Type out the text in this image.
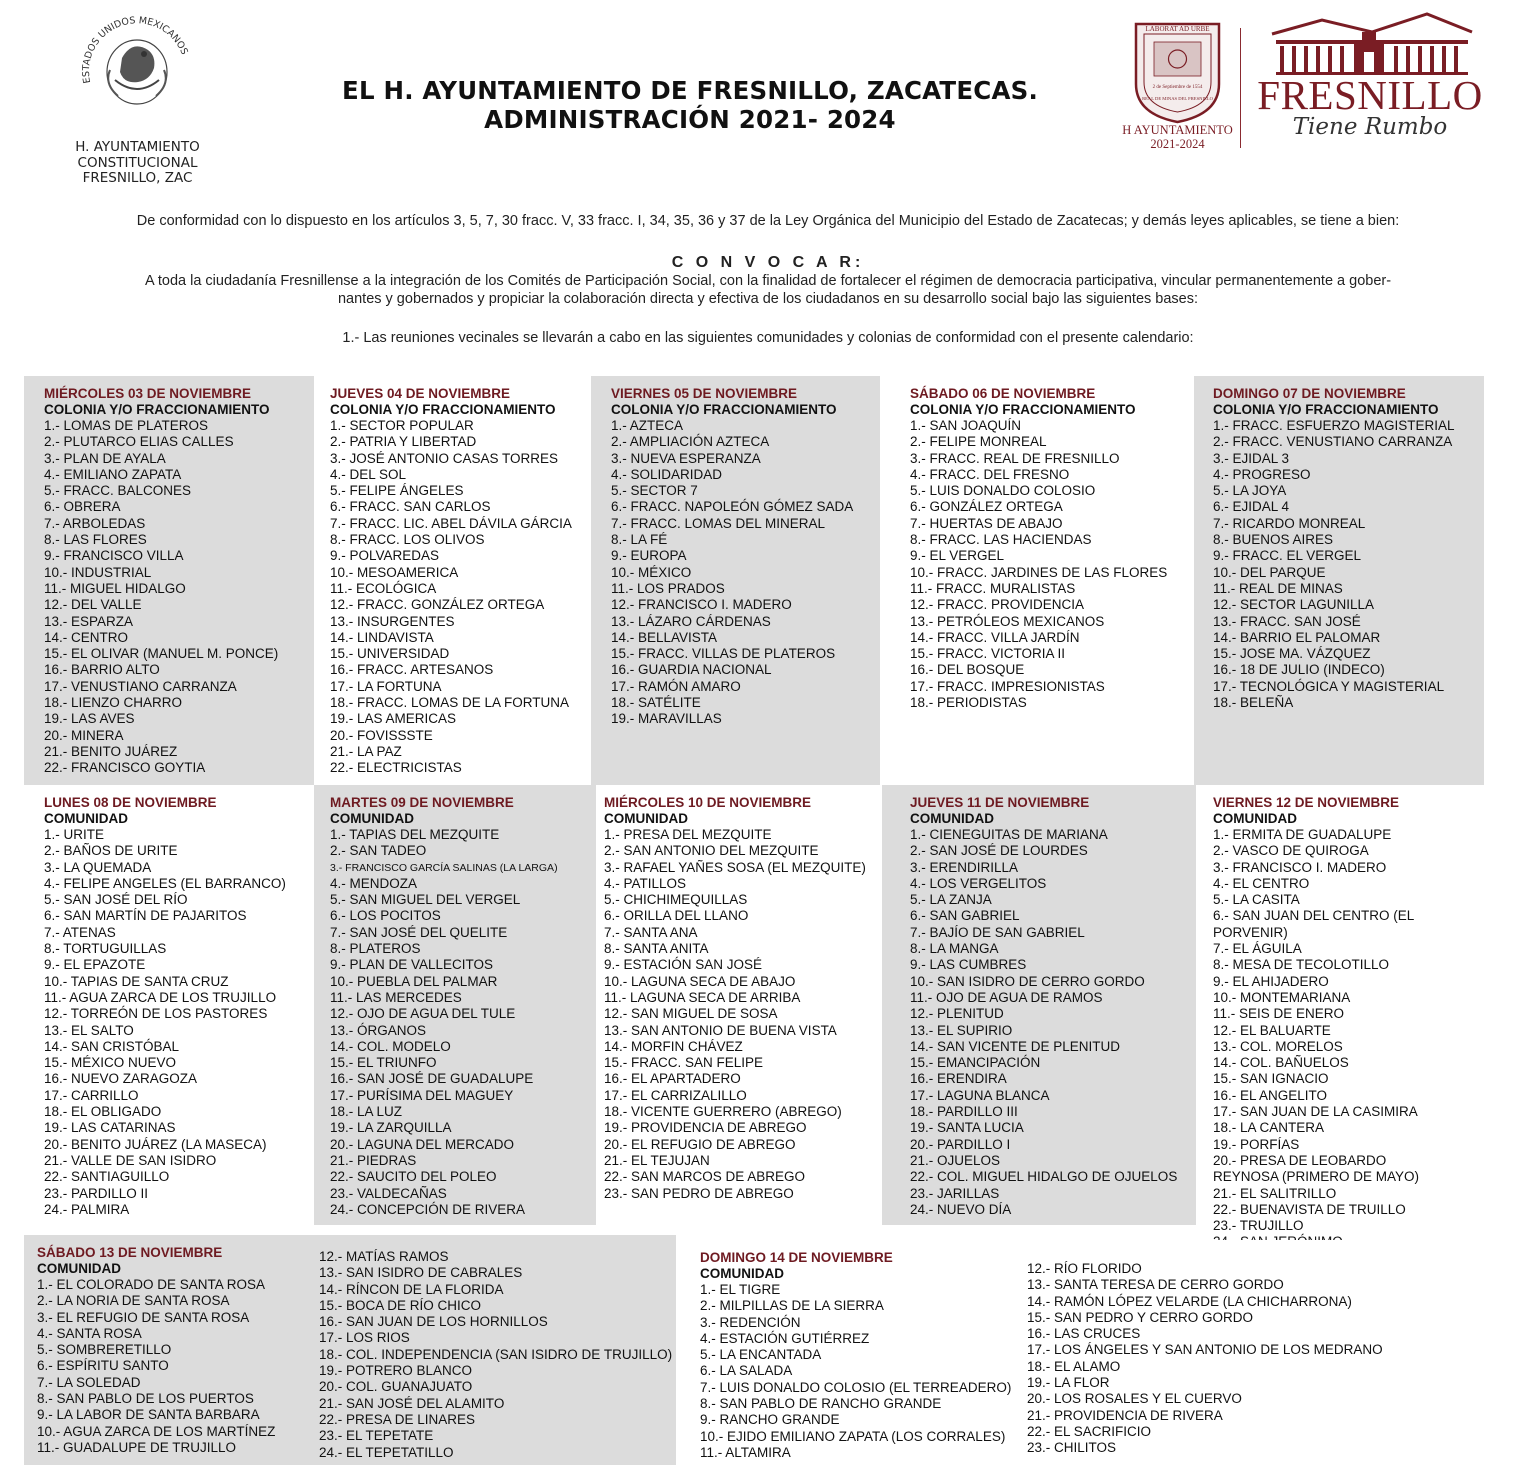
ESTADOS UNIDOS MEXICANOS
H. AYUNTAMIENTO
CONSTITUCIONAL
FRESNILLO, ZAC
EL H. AYUNTAMIENTO DE FRESNILLO, ZACATECAS.
ADMINISTRACIÓN 2021- 2024
LABORAT AD URBE
2 de Septiembre de 1554
REAL DE MINAS DEL FRESNILLO
H AYUNTAMIENTO
2021-2024
FRESNILLO
Tiene Rumbo
De conformidad con lo dispuesto en los artículos 3, 5, 7, 30 fracc. V, 33 fracc. I, 34, 35, 36 y 37 de la Ley Orgánica del Municipio del Estado de Zacatecas; y demás leyes aplicables, se tiene a bien:
C O N V O C A R:
A toda la ciudadanía Fresnillense a la integración de los Comités de Participación Social, con la finalidad de fortalecer el régimen de democracia participativa, vincular permanentemente a gober-
nantes y gobernados y propiciar la colaboración directa y efectiva de los ciudadanos en su desarrollo social bajo las siguientes bases:
1.- Las reuniones vecinales se llevarán a cabo en las siguientes comunidades y colonias de conformidad con el presente calendario:
MIÉRCOLES 03 DE NOVIEMBRE
COLONIA Y/O FRACCIONAMIENTO
1.- LOMAS DE PLATEROS
2.- PLUTARCO ELIAS CALLES
3.- PLAN DE AYALA
4.- EMILIANO ZAPATA
5.- FRACC. BALCONES
6.- OBRERA
7.- ARBOLEDAS
8.- LAS FLORES
9.- FRANCISCO VILLA
10.- INDUSTRIAL
11.- MIGUEL HIDALGO
12.- DEL VALLE
13.- ESPARZA
14.- CENTRO
15.- EL OLIVAR (MANUEL M. PONCE)
16.- BARRIO ALTO
17.- VENUSTIANO CARRANZA
18.- LIENZO CHARRO
19.- LAS AVES
20.- MINERA
21.- BENITO JUÁREZ
22.- FRANCISCO GOYTIA
JUEVES 04 DE NOVIEMBRE
COLONIA Y/O FRACCIONAMIENTO
1.- SECTOR POPULAR
2.- PATRIA Y LIBERTAD
3.- JOSÉ ANTONIO CASAS TORRES
4.- DEL SOL
5.- FELIPE ÁNGELES
6.- FRACC. SAN CARLOS
7.- FRACC. LIC. ABEL DÁVILA GÁRCIA
8.- FRACC. LOS OLIVOS
9.- POLVAREDAS
10.- MESOAMERICA
11.- ECOLÓGICA
12.- FRACC. GONZÁLEZ ORTEGA
13.- INSURGENTES
14.- LINDAVISTA
15.- UNIVERSIDAD
16.- FRACC. ARTESANOS
17.- LA FORTUNA
18.- FRACC. LOMAS DE LA FORTUNA
19.- LAS AMERICAS
20.- FOVISSSTE
21.- LA PAZ
22.- ELECTRICISTAS
VIERNES 05 DE NOVIEMBRE
COLONIA Y/O FRACCIONAMIENTO
1.- AZTECA
2.- AMPLIACIÓN AZTECA
3.- NUEVA ESPERANZA
4.- SOLIDARIDAD
5.- SECTOR 7
6.- FRACC. NAPOLEÓN GÓMEZ SADA
7.- FRACC. LOMAS DEL MINERAL
8.- LA FÉ
9.- EUROPA
10.- MÉXICO
11.- LOS PRADOS
12.- FRANCISCO I. MADERO
13.- LÁZARO CÁRDENAS
14.- BELLAVISTA
15.- FRACC. VILLAS DE PLATEROS
16.- GUARDIA NACIONAL
17.- RAMÓN AMARO
18.- SATÉLITE
19.- MARAVILLAS
SÁBADO 06 DE NOVIEMBRE
COLONIA Y/O FRACCIONAMIENTO
1.- SAN JOAQUÍN
2.- FELIPE MONREAL
3.- FRACC. REAL DE FRESNILLO
4.- FRACC. DEL FRESNO
5.- LUIS DONALDO COLOSIO
6.- GONZÁLEZ ORTEGA
7.- HUERTAS DE ABAJO
8.- FRACC. LAS HACIENDAS
9.- EL VERGEL
10.- FRACC. JARDINES DE LAS FLORES
11.- FRACC. MURALISTAS
12.- FRACC. PROVIDENCIA
13.- PETRÓLEOS MEXICANOS
14.- FRACC. VILLA JARDÍN
15.- FRACC. VICTORIA II
16.- DEL BOSQUE
17.- FRACC. IMPRESIONISTAS
18.- PERIODISTAS
DOMINGO 07 DE NOVIEMBRE
COLONIA Y/O FRACCIONAMIENTO
1.- FRACC. ESFUERZO MAGISTERIAL
2.- FRACC. VENUSTIANO CARRANZA
3.- EJIDAL 3
4.- PROGRESO
5.- LA JOYA
6.- EJIDAL 4
7.- RICARDO MONREAL
8.- BUENOS AIRES
9.- FRACC. EL VERGEL
10.- DEL PARQUE
11.- REAL DE MINAS
12.- SECTOR LAGUNILLA
13.- FRACC. SAN JOSÉ
14.- BARRIO EL PALOMAR
15.- JOSE MA. VÁZQUEZ
16.- 18 DE JULIO (INDECO)
17.- TECNOLÓGICA Y MAGISTERIAL
18.- BELEÑA
LUNES 08 DE NOVIEMBRE
COMUNIDAD
1.- URITE
2.- BAÑOS DE URITE
3.- LA QUEMADA
4.- FELIPE ANGELES (EL BARRANCO)
5.- SAN JOSÉ DEL RÍO
6.- SAN MARTÍN DE PAJARITOS
7.- ATENAS
8.- TORTUGUILLAS
9.- EL EPAZOTE
10.- TAPIAS DE SANTA CRUZ
11.- AGUA ZARCA DE LOS TRUJILLO
12.- TORREÓN DE LOS PASTORES
13.- EL SALTO
14.- SAN CRISTÓBAL
15.- MÉXICO NUEVO
16.- NUEVO ZARAGOZA
17.- CARRILLO
18.- EL OBLIGADO
19.- LAS CATARINAS
20.- BENITO JUÁREZ (LA MASECA)
21.- VALLE DE SAN ISIDRO
22.- SANTIAGUILLO
23.- PARDILLO II
24.- PALMIRA
MARTES 09 DE NOVIEMBRE
COMUNIDAD
1.- TAPIAS DEL MEZQUITE
2.- SAN TADEO
3.- FRANCISCO GARCÍA SALINAS (LA LARGA)
4.- MENDOZA
5.- SAN MIGUEL DEL VERGEL
6.- LOS POCITOS
7.- SAN JOSÉ DEL QUELITE
8.- PLATEROS
9.- PLAN DE VALLECITOS
10.- PUEBLA DEL PALMAR
11.- LAS MERCEDES
12.- OJO DE AGUA DEL TULE
13.- ÓRGANOS
14.- COL. MODELO
15.- EL TRIUNFO
16.- SAN JOSÉ DE GUADALUPE
17.- PURÍSIMA DEL MAGUEY
18.- LA LUZ
19.- LA ZARQUILLA
20.- LAGUNA DEL MERCADO
21.- PIEDRAS
22.- SAUCITO DEL POLEO
23.- VALDECAÑAS
24.- CONCEPCIÓN DE RIVERA
MIÉRCOLES 10 DE NOVIEMBRE
COMUNIDAD
1.- PRESA DEL MEZQUITE
2.- SAN ANTONIO DEL MEZQUITE
3.- RAFAEL YAÑES SOSA (EL MEZQUITE)
4.- PATILLOS
5.- CHICHIMEQUILLAS
6.- ORILLA DEL LLANO
7.- SANTA ANA
8.- SANTA ANITA
9.- ESTACIÓN SAN JOSÉ
10.- LAGUNA SECA DE ABAJO
11.- LAGUNA SECA DE ARRIBA
12.- SAN MIGUEL DE SOSA
13.- SAN ANTONIO DE BUENA VISTA
14.- MORFIN CHÁVEZ
15.- FRACC. SAN FELIPE
16.- EL APARTADERO
17.- EL CARRIZALILLO
18.- VICENTE GUERRERO (ABREGO)
19.- PROVIDENCIA DE ABREGO
20.- EL REFUGIO DE ABREGO
21.- EL TEJUJAN
22.- SAN MARCOS DE ABREGO
23.- SAN PEDRO DE ABREGO
JUEVES 11 DE NOVIEMBRE
COMUNIDAD
1.- CIENEGUITAS DE MARIANA
2.- SAN JOSÉ DE LOURDES
3.- ERENDIRILLA
4.- LOS VERGELITOS
5.- LA ZANJA
6.- SAN GABRIEL
7.- BAJÍO DE SAN GABRIEL
8.- LA MANGA
9.- LAS CUMBRES
10.- SAN ISIDRO DE CERRO GORDO
11.- OJO DE AGUA DE RAMOS
12.- PLENITUD
13.- EL SUPIRIO
14.- SAN VICENTE DE PLENITUD
15.- EMANCIPACIÓN
16.- ERENDIRA
17.- LAGUNA BLANCA
18.- PARDILLO III
19.- SANTA LUCIA
20.- PARDILLO I
21.- OJUELOS
22.- COL. MIGUEL HIDALGO DE OJUELOS
23.- JARILLAS
24.- NUEVO DÍA
VIERNES 12 DE NOVIEMBRE
COMUNIDAD
1.- ERMITA DE GUADALUPE
2.- VASCO DE QUIROGA
3.- FRANCISCO I. MADERO
4.- EL CENTRO
5.- LA CASITA
6.- SAN JUAN DEL CENTRO (EL PORVENIR)
7.- EL ÁGUILA
8.- MESA DE TECOLOTILLO
9.- EL AHIJADERO
10.- MONTEMARIANA
11.- SEIS DE ENERO
12.- EL BALUARTE
13.- COL. MORELOS
14.- COL. BAÑUELOS
15.- SAN IGNACIO
16.- EL ANGELITO
17.- SAN JUAN DE LA CASIMIRA
18.- LA CANTERA
19.- PORFÍAS
20.- PRESA DE LEOBARDO REYNOSA (PRIMERO DE MAYO)
21.- EL SALITRILLO
22.- BUENAVISTA DE TRUILLO
23.- TRUJILLO
SÁBADO 13 DE NOVIEMBRE
COMUNIDAD
1.- EL COLORADO DE SANTA ROSA
2.- LA NORIA DE SANTA ROSA
3.- EL REFUGIO DE SANTA ROSA
4.- SANTA ROSA
5.- SOMBRERETILLO
6.- ESPÍRITU SANTO
7.- LA SOLEDAD
8.- SAN PABLO DE LOS PUERTOS
9.- LA LABOR DE SANTA BARBARA
10.- AGUA ZARCA DE LOS MARTÍNEZ
11.- GUADALUPE DE TRUJILLO
12.- MATÍAS RAMOS
13.- SAN ISIDRO DE CABRALES
14.- RÍNCON DE LA FLORIDA
15.- BOCA DE RÍO CHICO
16.- SAN JUAN DE LOS HORNILLOS
17.- LOS RIOS
18.- COL. INDEPENDENCIA (SAN ISIDRO DE TRUJILLO)
19.- POTRERO BLANCO
20.- COL. GUANAJUATO
21.- SAN JOSÉ DEL ALAMITO
22.- PRESA DE LINARES
23.- EL TEPETATE
24.- EL TEPETATILLO
DOMINGO 14 DE NOVIEMBRE
COMUNIDAD
1.- EL TIGRE
2.- MILPILLAS DE LA SIERRA
3.- REDENCIÓN
4.- ESTACIÓN GUTIÉRREZ
5.- LA ENCANTADA
6.- LA SALADA
7.- LUIS DONALDO COLOSIO (EL TERREADERO)
8.- SAN PABLO DE RANCHO GRANDE
9.- RANCHO GRANDE
10.- EJIDO EMILIANO ZAPATA (LOS CORRALES)
11.- ALTAMIRA
12.- RÍO FLORIDO
13.- SANTA TERESA DE CERRO GORDO
14.- RAMÓN LÓPEZ VELARDE (LA CHICHARRONA)
15.- SAN PEDRO Y CERRO GORDO
16.- LAS CRUCES
17.- LOS ÁNGELES Y SAN ANTONIO DE LOS MEDRANO
18.- EL ALAMO
19.- LA FLOR
20.- LOS ROSALES Y EL CUERVO
21.- PROVIDENCIA DE RIVERA
22.- EL SACRIFICIO
23.- CHILITOS
